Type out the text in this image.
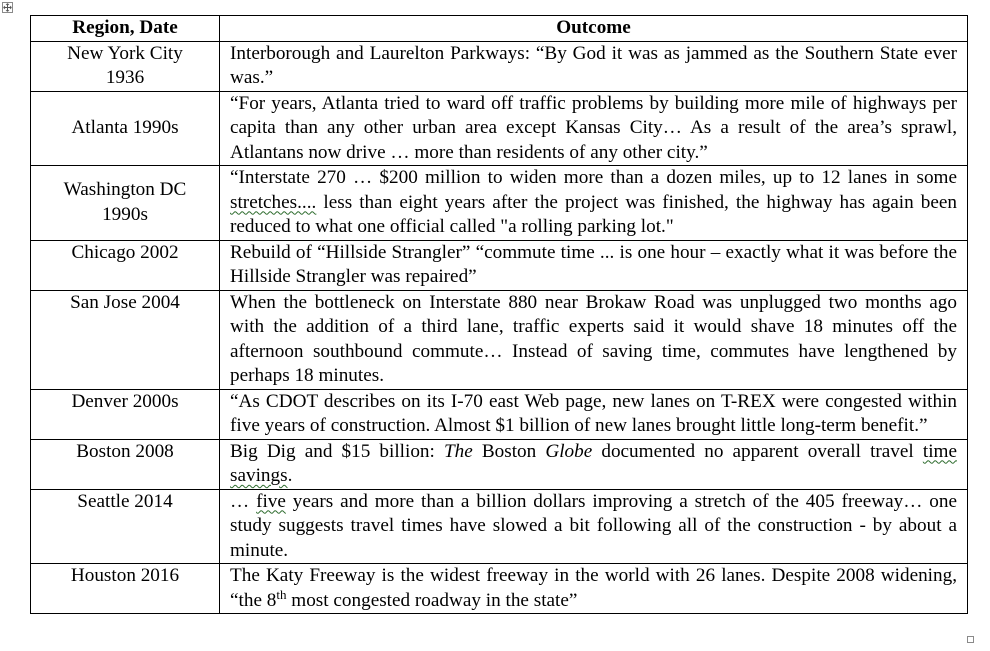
Region, Date	Outcome
New York City
1936	Interborough and Laurelton Parkways: “By God it was as jammed as the Southern State ever was.”
Atlanta 1990s	“For years, Atlanta tried to ward off traffic problems by building more mile of highways per capita than any other urban area except Kansas City… As a result of the area’s sprawl, Atlantans now drive … more than residents of any other city.”
Washington DC
1990s	“Interstate 270 … $200 million to widen more than a dozen miles, up to 12 lanes in some stretches.... less than eight years after the project was finished, the highway has again been reduced to what one official called "a rolling parking lot."
Chicago 2002	Rebuild of “Hillside Strangler” “commute time ... is one hour – exactly what it was before the Hillside Strangler was repaired”
San Jose 2004	When the bottleneck on Interstate 880 near Brokaw Road was unplugged two months ago with the addition of a third lane, traffic experts said it would shave 18 minutes off the afternoon southbound commute… Instead of saving time, commutes have lengthened by perhaps 18 minutes.
Denver 2000s	“As CDOT describes on its I-70 east Web page, new lanes on T-REX were congested within five years of construction. Almost $1 billion of new lanes brought little long-term benefit.”
Boston 2008	Big Dig and $15 billion: The Boston Globe documented no apparent overall travel time savings.
Seattle 2014	… five years and more than a billion dollars improving a stretch of the 405 freeway… one study suggests travel times have slowed a bit following all of the construction - by about a minute.
Houston 2016	The Katy Freeway is the widest freeway in the world with 26 lanes. Despite 2008 widening, “the 8th most congested roadway in the state”
